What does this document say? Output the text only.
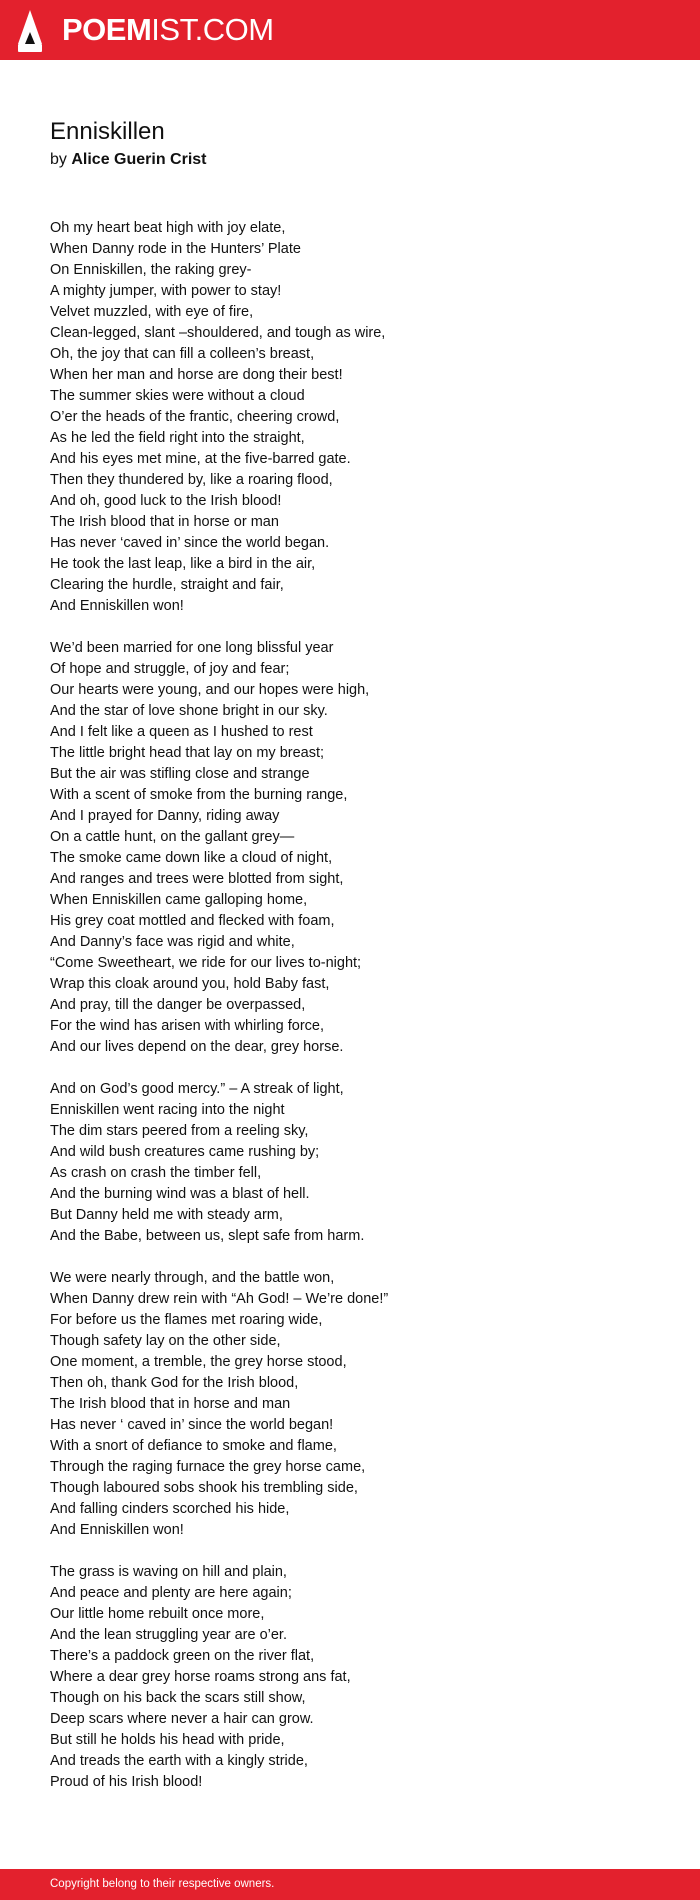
POEMIST.COM
Enniskillen
by Alice Guerin Crist
Oh my heart beat high with joy elate,
When Danny rode in the Hunters’ Plate
On Enniskillen, the raking grey-
A mighty jumper, with power to stay!
Velvet muzzled, with eye of fire,
Clean-legged, slant –shouldered, and tough as wire,
Oh, the joy that can fill a colleen’s breast,
When her man and horse are dong their best!
The summer skies were without a cloud
O’er the heads of the frantic, cheering crowd,
As he led the field right into the straight,
And his eyes met mine, at the five-barred gate.
Then they thundered by, like a roaring flood,
And oh, good luck to the Irish blood!
The Irish blood that in horse or man
Has never ‘caved in’ since the world began.
He took the last leap, like a bird in the air,
Clearing the hurdle, straight and fair,
And Enniskillen won!
We’d been married for one long blissful year
Of hope and struggle, of joy and fear;
Our hearts were young, and our hopes were high,
And the star of love shone bright in our sky.
And I felt like a queen as I hushed to rest
The little bright head that lay on my breast;
But the air was stifling close and strange
With a scent of smoke from the burning range,
And I prayed for Danny, riding away
On a cattle hunt, on the gallant grey—
The smoke came down like a cloud of night,
And ranges and trees were blotted from sight,
When Enniskillen came galloping home,
His grey coat mottled and flecked with foam,
And Danny’s face was rigid and white,
“Come Sweetheart, we ride for our lives to-night;
Wrap this cloak around you, hold Baby fast,
And pray, till the danger be overpassed,
For the wind has arisen with whirling force,
And our lives depend on the dear, grey horse.
And on God’s good mercy.” – A streak of light,
Enniskillen went racing into the night
The dim stars peered from a reeling sky,
And wild bush creatures came rushing by;
As crash on crash the timber fell,
And the burning wind was a blast of hell.
But Danny held me with steady arm,
And the Babe, between us, slept safe from harm.
We were nearly through, and the battle won,
When Danny drew rein with “Ah God! – We’re done!”
For before us the flames met roaring wide,
Though safety lay on the other side,
One moment, a tremble, the grey horse stood,
Then oh, thank God for the Irish blood,
The Irish blood that in horse and man
Has never ‘ caved in’ since the world began!
With a snort of defiance to smoke and flame,
Through the raging furnace the grey horse came,
Though laboured sobs shook his trembling side,
And falling cinders scorched his hide,
And Enniskillen won!
The grass is waving on hill and plain,
And peace and plenty are here again;
Our little home rebuilt once more,
And the lean struggling year are o’er.
There’s a paddock green on the river flat,
Where a dear grey horse roams strong ans fat,
Though on his back the scars still show,
Deep scars where never a hair can grow.
But still he holds his head with pride,
And treads the earth with a kingly stride,
Proud of his Irish blood!
Copyright belong to their respective owners.
